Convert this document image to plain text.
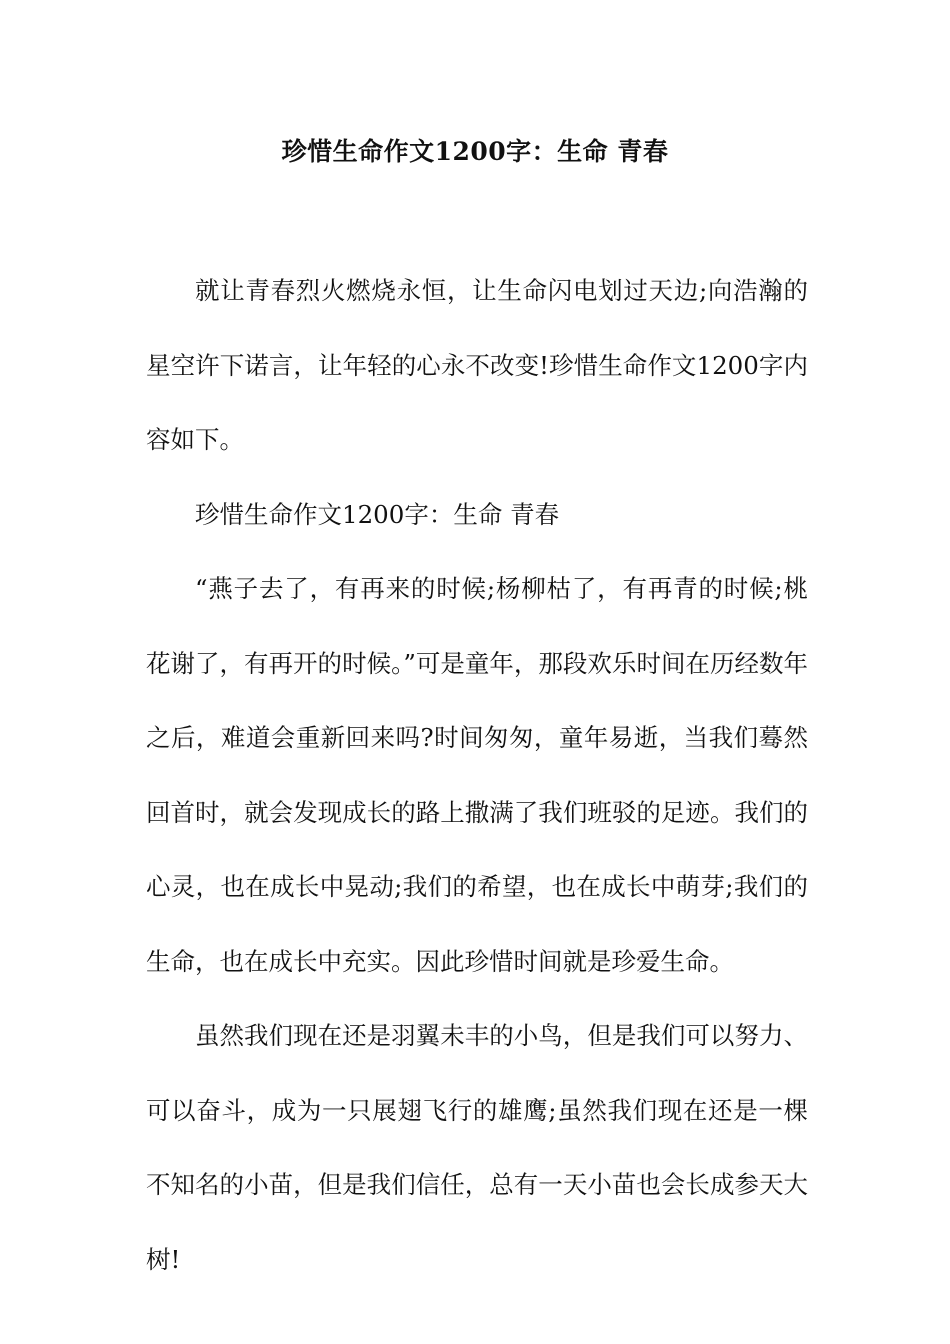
珍惜生命作文1200字：生命 青春

就让青春烈火燃烧永恒，让生命闪电划过天边;向浩瀚的星空许下诺言，让年轻的心永不改变!珍惜生命作文1200字内容如下。

珍惜生命作文1200字：生命 青春

“燕子去了，有再来的时候;杨柳枯了，有再青的时候;桃花谢了，有再开的时候。”可是童年，那段欢乐时间在历经数年之后，难道会重新回来吗?时间匆匆，童年易逝，当我们蓦然回首时，就会发现成长的路上撒满了我们班驳的足迹。我们的心灵，也在成长中晃动;我们的希望，也在成长中萌芽;我们的生命，也在成长中充实。因此珍惜时间就是珍爱生命。

虽然我们现在还是羽翼未丰的小鸟，但是我们可以努力、可以奋斗，成为一只展翅飞行的雄鹰;虽然我们现在还是一棵不知名的小苗，但是我们信任，总有一天小苗也会长成参天大树!
